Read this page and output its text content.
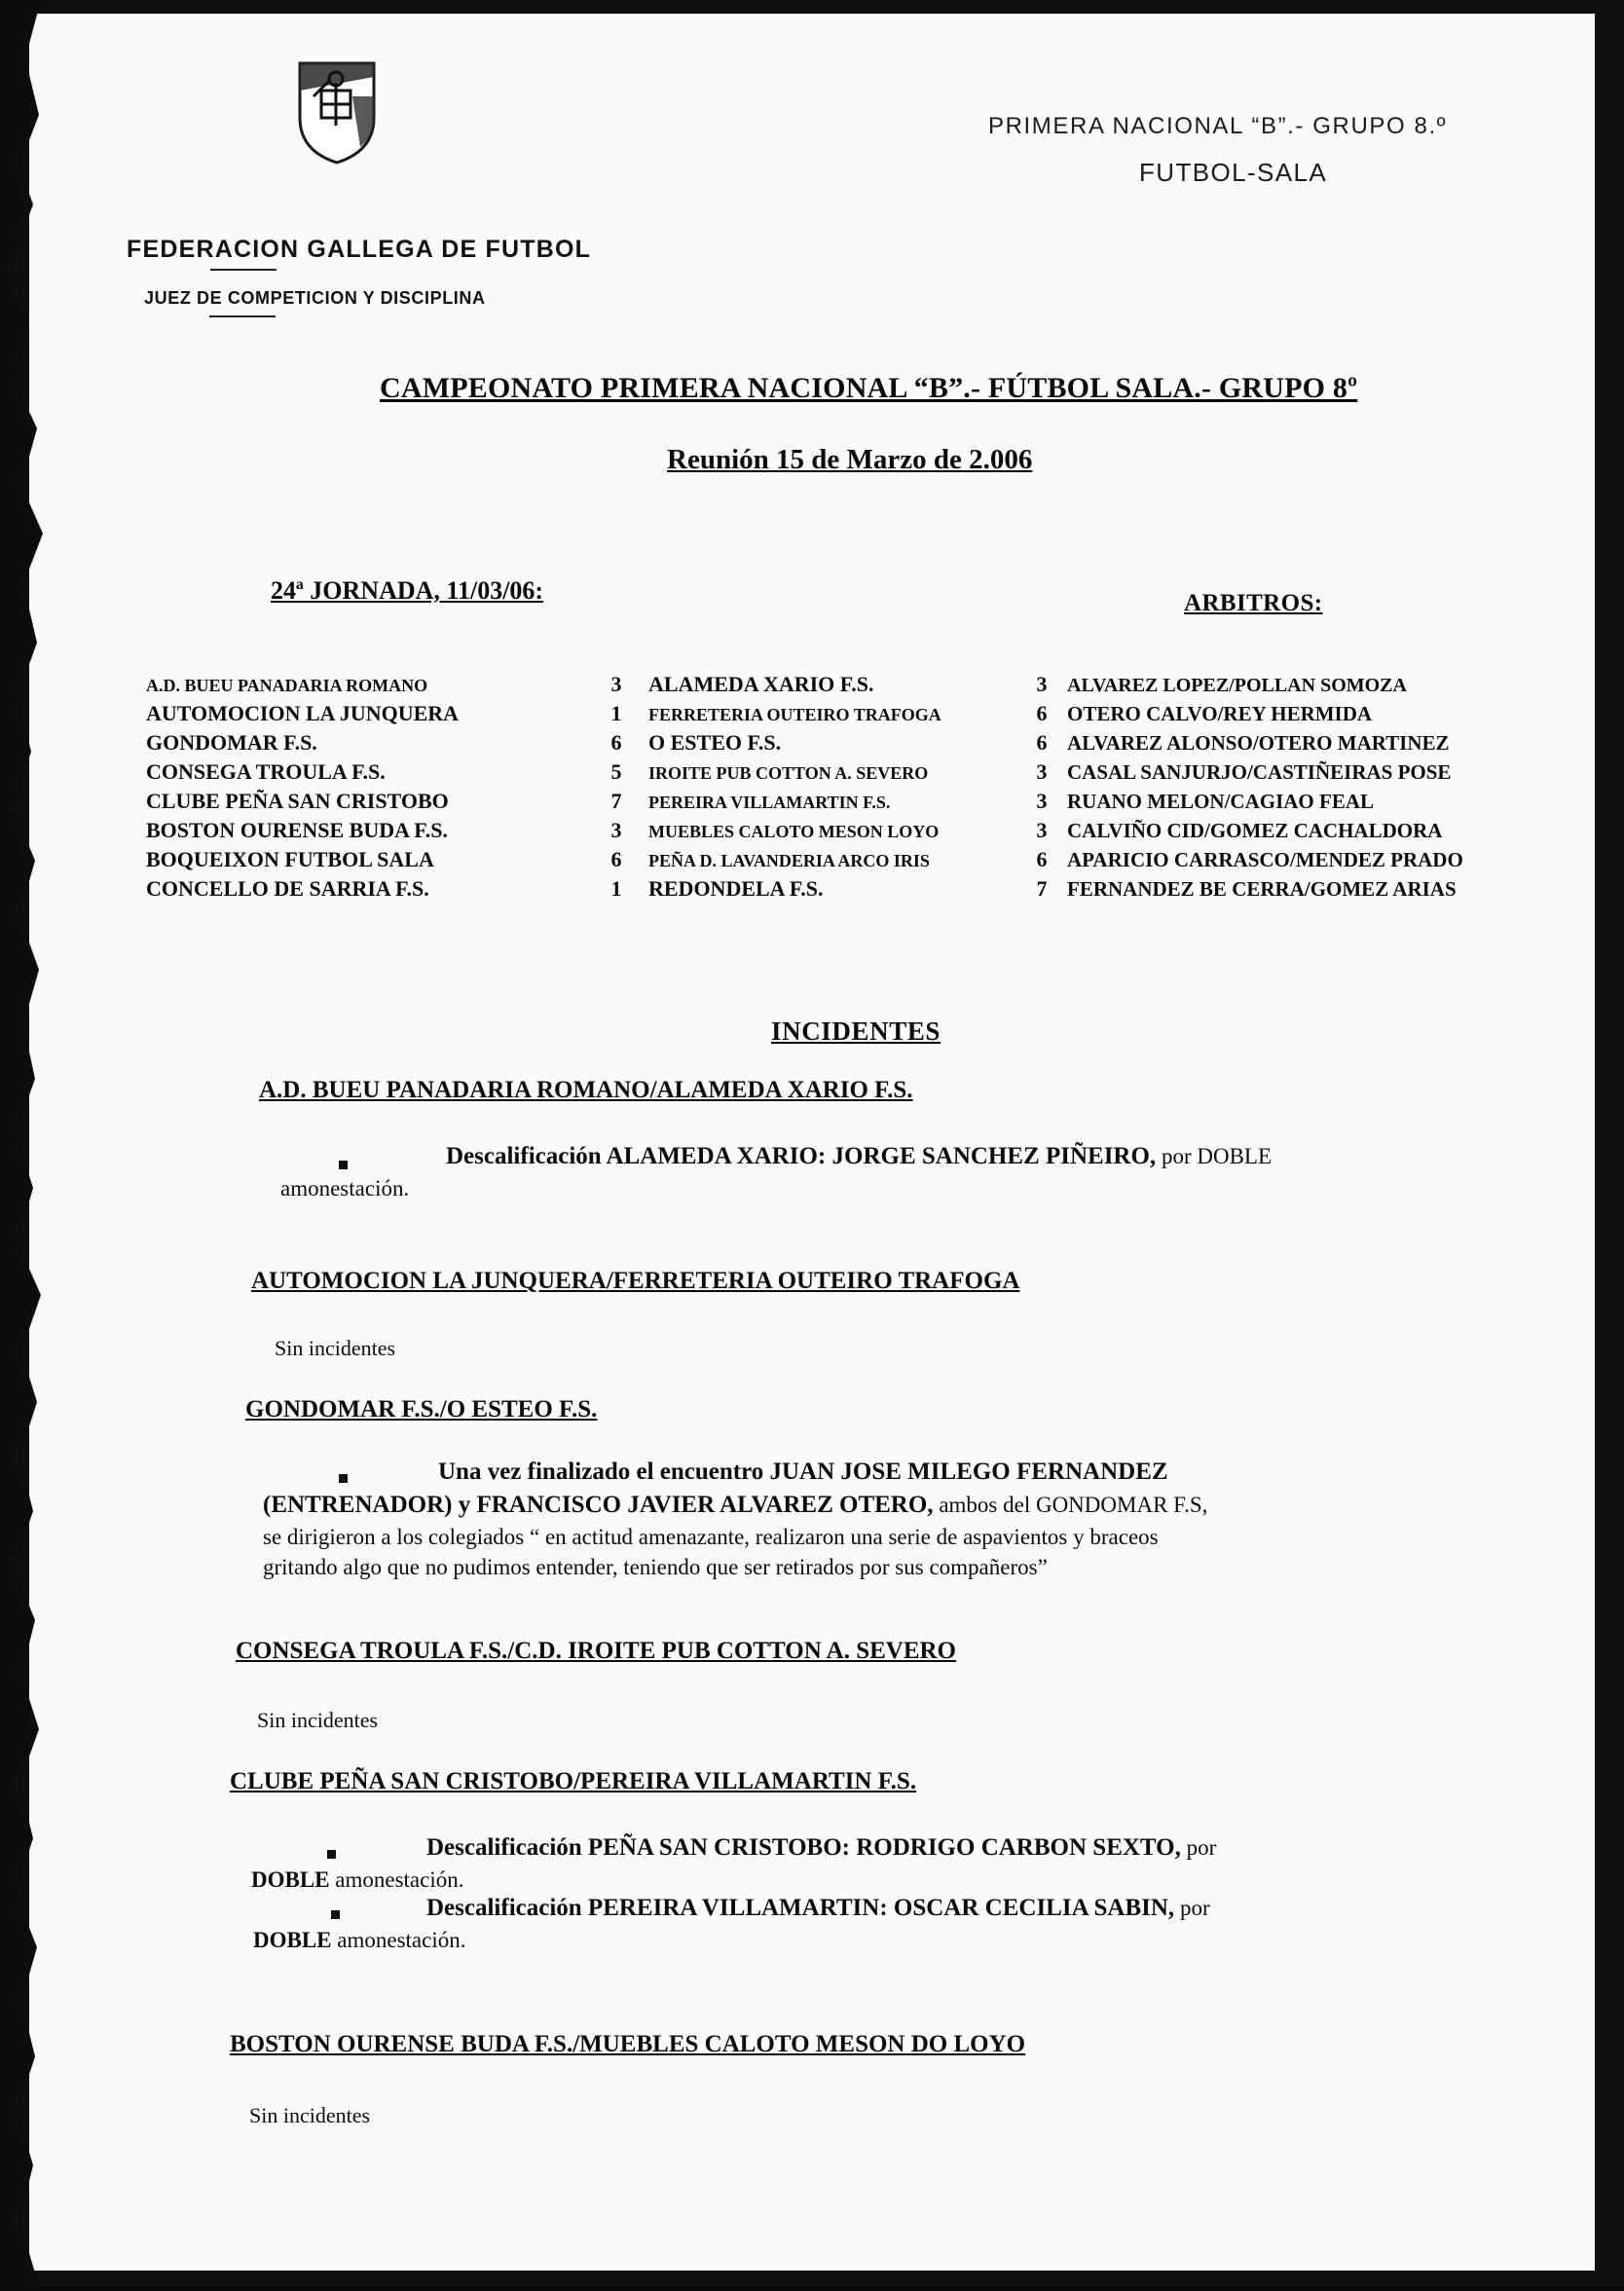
FEDERACION GALLEGA DE FUTBOL
JUEZ DE COMPETICION Y DISCIPLINA
PRIMERA NACIONAL “B”.- GRUPO 8.º
FUTBOL-SALA
CAMPEONATO PRIMERA NACIONAL “B”.- FÚTBOL SALA.- GRUPO 8º
Reunión 15 de Marzo de 2.006
24ª JORNADA, 11/03/06:	ARBITROS:
A.D. BUEU PANADARIA ROMANO	3	ALAMEDA XARIO F.S.	3	ALVAREZ LOPEZ/POLLAN SOMOZA
AUTOMOCION LA JUNQUERA	1	FERRETERIA OUTEIRO TRAFOGA	6 OTERO CALVO/REY HERMIDA
GONDOMAR F.S.	6	O ESTEO F.S.	6 ALVAREZ ALONSO/OTERO MARTINEZ
CONSEGA TROULA F.S.	5	IROITE PUB COTTON A. SEVERO	3 CASAL SANJURJO/CASTIÑEIRAS POSE
CLUBE PEÑA SAN CRISTOBO	7	PEREIRA VILLAMARTIN F.S.	3 RUANO MELON/CAGIAO FEAL
BOSTON OURENSE BUDA F.S.	3	MUEBLES CALOTO MESON LOYO	3 CALVIÑO CID/GOMEZ CACHALDORA
BOQUEIXON FUTBOL SALA	6	PEÑA D. LAVANDERIA ARCO IRIS	6 APARICIO CARRASCO/MENDEZ PRADO
CONCELLO DE SARRIA F.S.	1	REDONDELA F.S.	7 FERNANDEZ BE CERRA/GOMEZ ARIAS
INCIDENTES
A.D. BUEU PANADARIA ROMANO/ALAMEDA XARIO F.S.
Descalificación ALAMEDA XARIO: JORGE SANCHEZ PIÑEIRO, por DOBLE
amonestación.
AUTOMOCION LA JUNQUERA/FERRETERIA OUTEIRO TRAFOGA
Sin incidentes
GONDOMAR F.S./O ESTEO F.S.
Una vez finalizado el encuentro JUAN JOSE MILEGO FERNANDEZ
(ENTRENADOR) y FRANCISCO JAVIER ALVAREZ OTERO, ambos del GONDOMAR F.S,
se dirigieron a los colegiados “ en actitud amenazante, realizaron una serie de aspavientos y braceos
gritando algo que no pudimos entender, teniendo que ser retirados por sus compañeros”
CONSEGA TROULA F.S./C.D. IROITE PUB COTTON A. SEVERO
Sin incidentes
CLUBE PEÑA SAN CRISTOBO/PEREIRA VILLAMARTIN F.S.
Descalificación PEÑA SAN CRISTOBO: RODRIGO CARBON SEXTO, por
DOBLE amonestación.
Descalificación PEREIRA VILLAMARTIN: OSCAR CECILIA SABIN, por
DOBLE amonestación.
BOSTON OURENSE BUDA F.S./MUEBLES CALOTO MESON DO LOYO
Sin incidentes
